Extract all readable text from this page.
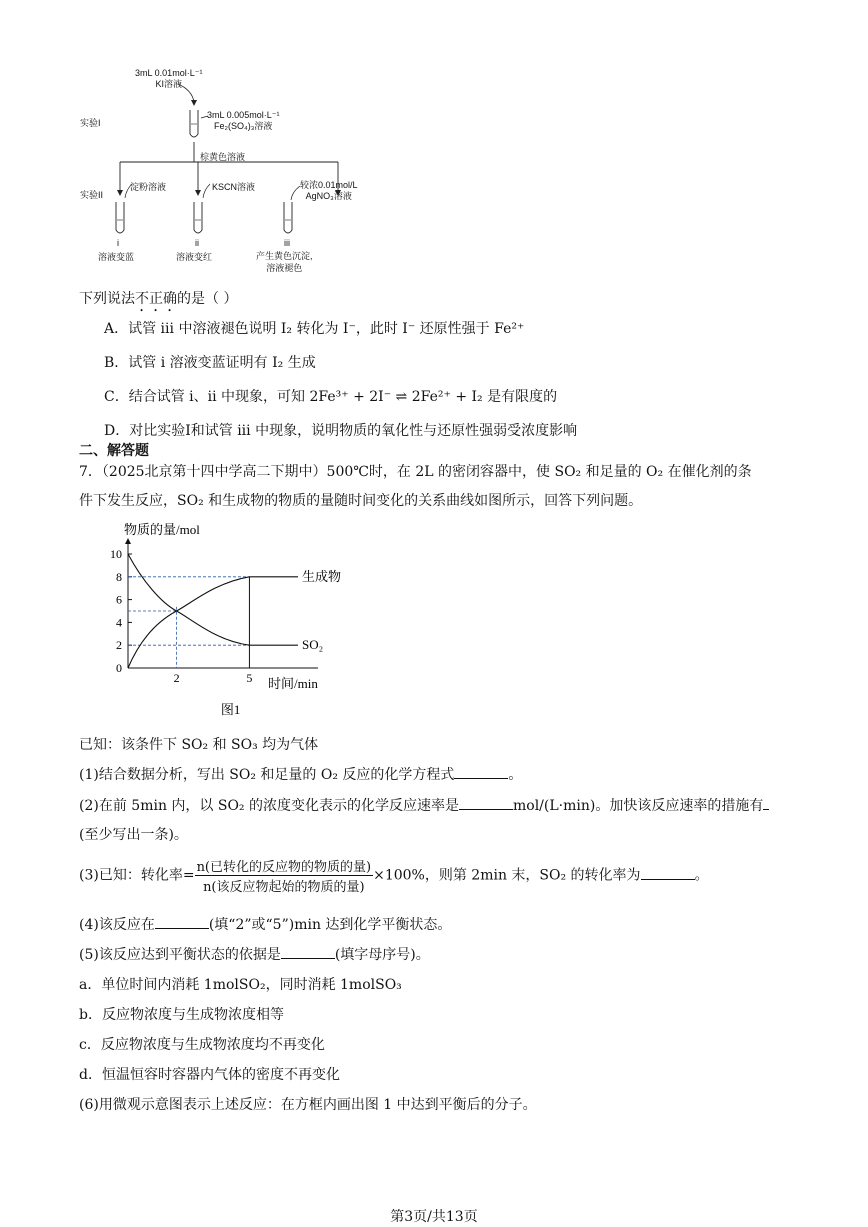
3mL 0.01mol·L⁻¹
KI溶液
3mL 0.005mol·L⁻¹
Fe₂(SO₄)₃溶液
实验I
棕黄色溶液
实验II
淀粉溶液	KSCN溶液	较浓0.01mol/L
AgNO₃溶液
i	ii	iii
溶液变蓝	溶液变红	产生黄色沉淀,
溶液褪色
下列说法不正确的是（ ）
A．试管 iii 中溶液褪色说明 I₂ 转化为 I⁻，此时 I⁻ 还原性强于 Fe²⁺
B．试管 i 溶液变蓝证明有 I₂ 生成
C．结合试管 i、ii 中现象，可知 2Fe³⁺ + 2I⁻ ⇌ 2Fe²⁺ + I₂ 是有限度的
D．对比实验I和试管 iii 中现象，说明物质的氧化性与还原性强弱受浓度影响
二、解答题
7．（2025北京第十四中学高二下期中）500℃时，在 2L 的密闭容器中，使 SO₂ 和足量的 O₂ 在催化剂的条
件下发生反应，SO₂ 和生成物的物质的量随时间变化的关系曲线如图所示，回答下列问题。
10
8
6
4
2
0
2	5
生成物
SO₂
物质的量/mol
时间/min
图1
已知：该条件下 SO₂ 和 SO₃ 均为气体
(1)结合数据分析，写出 SO₂ 和足量的 O₂ 反应的化学方程式	。
(2)在前 5min 内，以 SO₂ 的浓度变化表示的化学反应速率是	mol/(L·min)。加快该反应速率的措施有
(至少写出一条)。
(3)已知：转化率= $\frac{\text{n(已转化的反应物的物质的量)}}{\text{n(该反应物起始的物质的量)}} \times 100\%$，则第 2min 末，SO₂ 的转化率为	。
(4)该反应在	(填“2”或“5”)min 达到化学平衡状态。
(5)该反应达到平衡状态的依据是	(填字母序号)。
a．单位时间内消耗 1molSO₂，同时消耗 1molSO₃
b．反应物浓度与生成物浓度相等
c．反应物浓度与生成物浓度均不再变化
d．恒温恒容时容器内气体的密度不再变化
(6)用微观示意图表示上述反应：在方框内画出图 1 中达到平衡后的分子。
第3页/共13页
